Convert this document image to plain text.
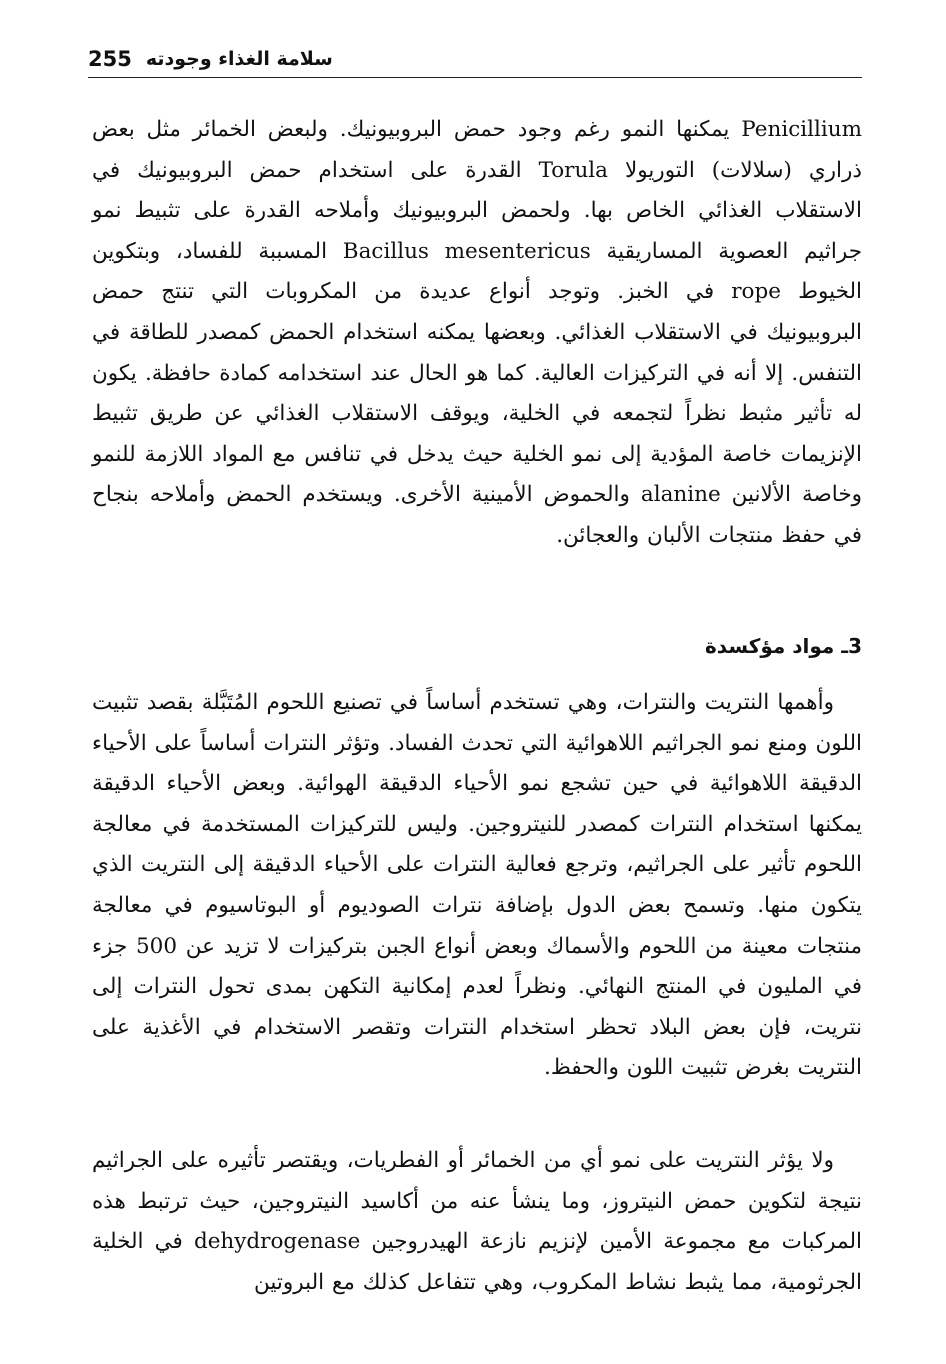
سلامة الغذاء وجودته
255

Penicillium يمكنها النمو رغم وجود حمض البروبيونيك. ولبعض الخمائر مثل بعض ذراري (سلالات) التوريولا Torula القدرة على استخدام حمض البروبيونيك في الاستقلاب الغذائي الخاص بها. ولحمض البروبيونيك وأملاحه القدرة على تثبيط نمو جراثيم العصوية المساريقية Bacillus mesentericus المسببة للفساد، وبتكوين الخيوط rope في الخبز. وتوجد أنواع عديدة من المكروبات التي تنتج حمض البروبيونيك في الاستقلاب الغذائي. وبعضها يمكنه استخدام الحمض كمصدر للطاقة في التنفس. إلا أنه في التركيزات العالية. كما هو الحال عند استخدامه كمادة حافظة. يكون له تأثير مثبط نظراً لتجمعه في الخلية، ويوقف الاستقلاب الغذائي عن طريق تثبيط الإنزيمات خاصة المؤدية إلى نمو الخلية حيث يدخل في تنافس مع المواد اللازمة للنمو وخاصة الألانين alanine والحموض الأمينية الأخرى. ويستخدم الحمض وأملاحه بنجاح في حفظ منتجات الألبان والعجائن.

3ـ مواد مؤكسدة

وأهمها النتريت والنترات، وهي تستخدم أساساً في تصنيع اللحوم المُتَبَّلة بقصد تثبيت اللون ومنع نمو الجراثيم اللاهوائية التي تحدث الفساد. وتؤثر النترات أساساً على الأحياء الدقيقة اللاهوائية في حين تشجع نمو الأحياء الدقيقة الهوائية. وبعض الأحياء الدقيقة يمكنها استخدام النترات كمصدر للنيتروجين. وليس للتركيزات المستخدمة في معالجة اللحوم تأثير على الجراثيم، وترجع فعالية النترات على الأحياء الدقيقة إلى النتريت الذي يتكون منها. وتسمح بعض الدول بإضافة نترات الصوديوم أو البوتاسيوم في معالجة منتجات معينة من اللحوم والأسماك وبعض أنواع الجبن بتركيزات لا تزيد عن 500 جزء في المليون في المنتج النهائي. ونظراً لعدم إمكانية التكهن بمدى تحول النترات إلى نتريت، فإن بعض البلاد تحظر استخدام النترات وتقصر الاستخدام في الأغذية على النتريت بغرض تثبيت اللون والحفظ.

ولا يؤثر النتريت على نمو أي من الخمائر أو الفطريات، ويقتصر تأثيره على الجراثيم نتيجة لتكوين حمض النيتروز، وما ينشأ عنه من أكاسيد النيتروجين، حيث ترتبط هذه المركبات مع مجموعة الأمين لإنزيم نازعة الهيدروجين dehydrogenase في الخلية الجرثومية، مما يثبط نشاط المكروب، وهي تتفاعل كذلك مع البروتين
